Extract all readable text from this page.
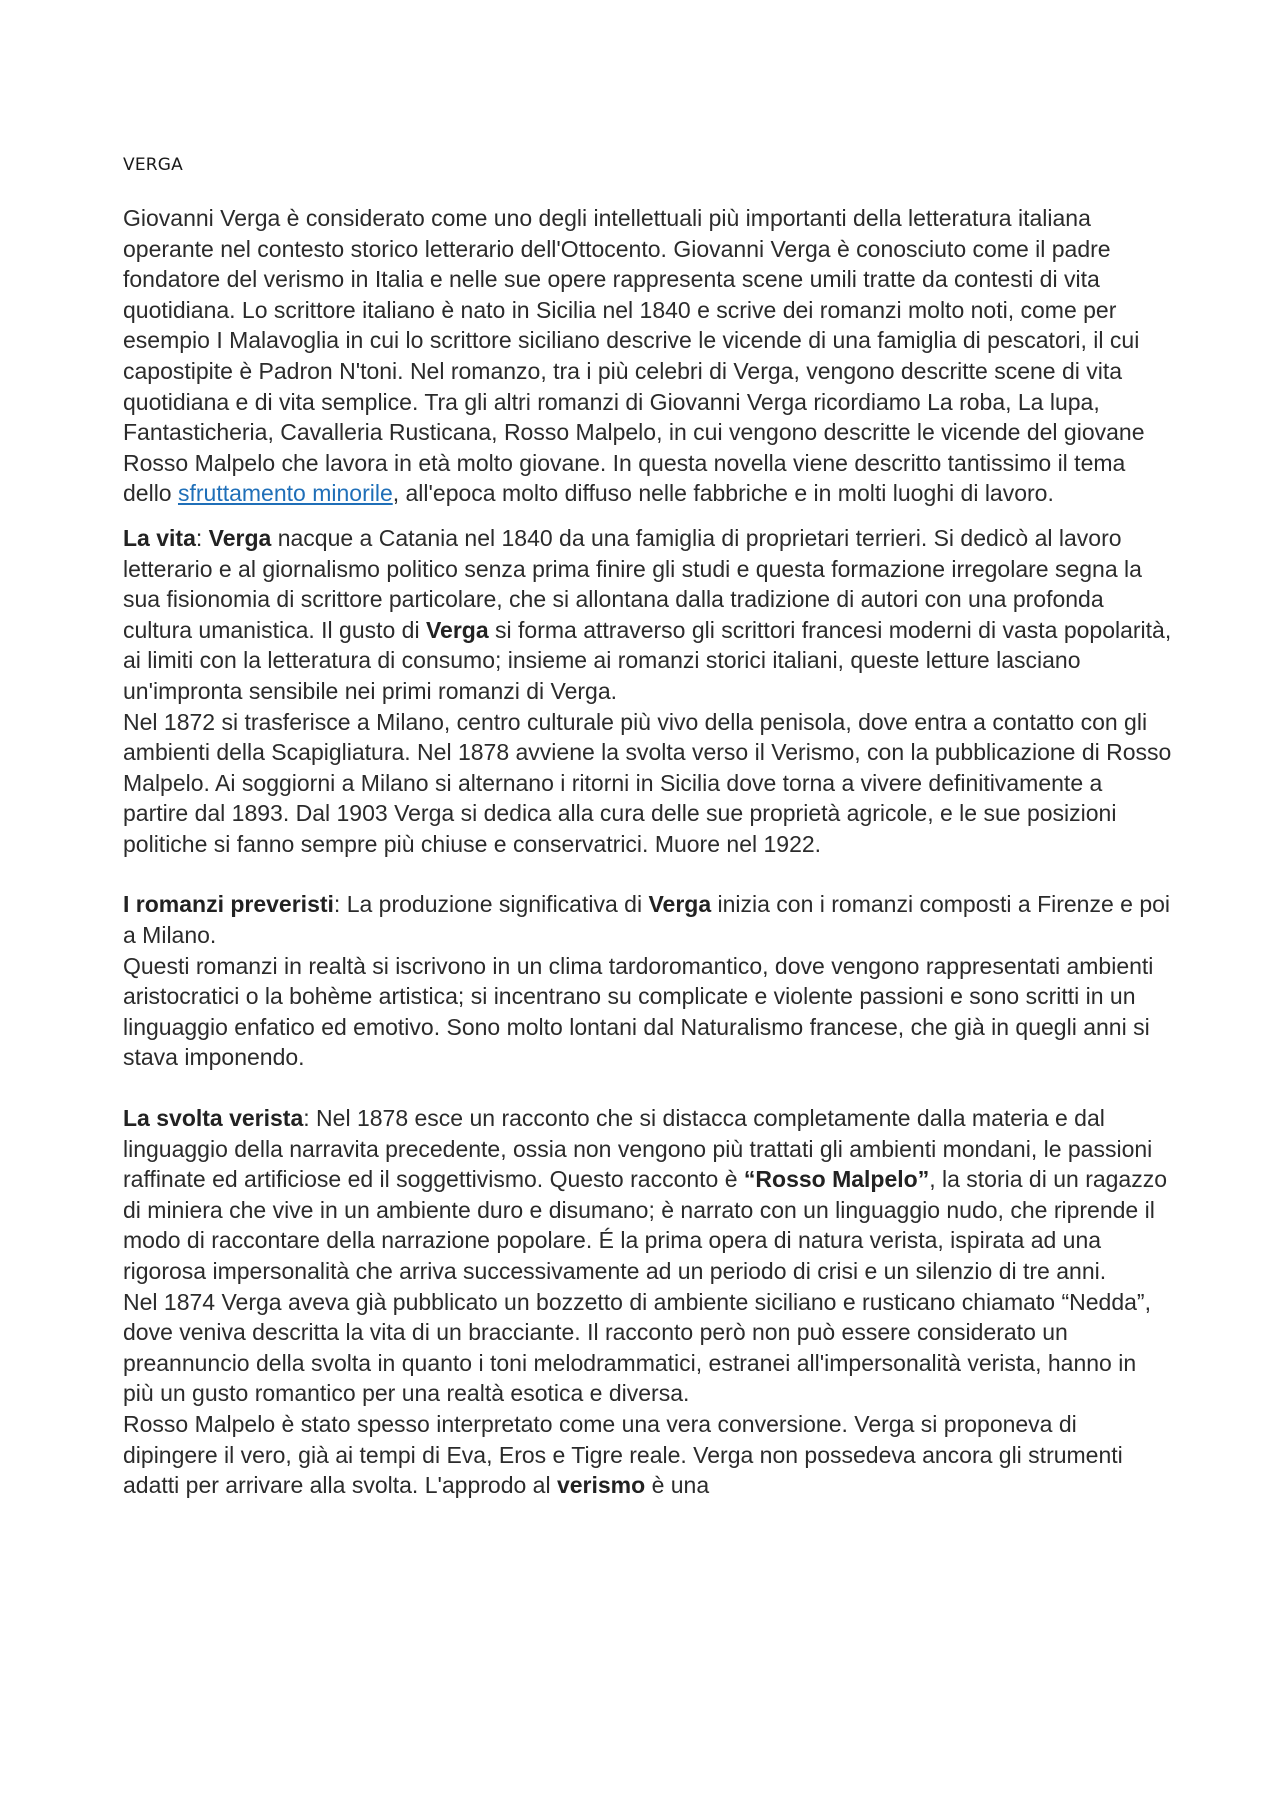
VERGA

Giovanni Verga è considerato come uno degli intellettuali più importanti della letteratura italiana operante nel contesto storico letterario dell'Ottocento. Giovanni Verga è conosciuto come il padre fondatore del verismo in Italia e nelle sue opere rappresenta scene umili tratte da contesti di vita quotidiana. Lo scrittore italiano è nato in Sicilia nel 1840 e scrive dei romanzi molto noti, come per esempio I Malavoglia in cui lo scrittore siciliano descrive le vicende di una famiglia di pescatori, il cui capostipite è Padron N'toni. Nel romanzo, tra i più celebri di Verga, vengono descritte scene di vita quotidiana e di vita semplice. Tra gli altri romanzi di Giovanni Verga ricordiamo La roba, La lupa, Fantasticheria, Cavalleria Rusticana, Rosso Malpelo, in cui vengono descritte le vicende del giovane Rosso Malpelo che lavora in età molto giovane. In questa novella viene descritto tantissimo il tema dello sfruttamento minorile, all'epoca molto diffuso nelle fabbriche e in molti luoghi di lavoro.

La vita: Verga nacque a Catania nel 1840 da una famiglia di proprietari terrieri. Si dedicò al lavoro letterario e al giornalismo politico senza prima finire gli studi e questa formazione irregolare segna la sua fisionomia di scrittore particolare, che si allontana dalla tradizione di autori con una profonda cultura umanistica. Il gusto di Verga si forma attraverso gli scrittori francesi moderni di vasta popolarità, ai limiti con la letteratura di consumo; insieme ai romanzi storici italiani, queste letture lasciano un'impronta sensibile nei primi romanzi di Verga.

Nel 1872 si trasferisce a Milano, centro culturale più vivo della penisola, dove entra a contatto con gli ambienti della Scapigliatura. Nel 1878 avviene la svolta verso il Verismo, con la pubblicazione di Rosso Malpelo. Ai soggiorni a Milano si alternano i ritorni in Sicilia dove torna a vivere definitivamente a partire dal 1893. Dal 1903 Verga si dedica alla cura delle sue proprietà agricole, e le sue posizioni politiche si fanno sempre più chiuse e conservatrici. Muore nel 1922.

I romanzi preveristi: La produzione significativa di Verga inizia con i romanzi composti a Firenze e poi a Milano.

Questi romanzi in realtà si iscrivono in un clima tardoromantico, dove vengono rappresentati ambienti aristocratici o la bohème artistica; si incentrano su complicate e violente passioni e sono scritti in un linguaggio enfatico ed emotivo. Sono molto lontani dal Naturalismo francese, che già in quegli anni si stava imponendo.

La svolta verista: Nel 1878 esce un racconto che si distacca completamente dalla materia e dal linguaggio della narravita precedente, ossia non vengono più trattati gli ambienti mondani, le passioni raffinate ed artificiose ed il soggettivismo. Questo racconto è “Rosso Malpelo”, la storia di un ragazzo di miniera che vive in un ambiente duro e disumano; è narrato con un linguaggio nudo, che riprende il modo di raccontare della narrazione popolare. É la prima opera di natura verista, ispirata ad una rigorosa impersonalità che arriva successivamente ad un periodo di crisi e un silenzio di tre anni.

Nel 1874 Verga aveva già pubblicato un bozzetto di ambiente siciliano e rusticano chiamato “Nedda”, dove veniva descritta la vita di un bracciante. Il racconto però non può essere considerato un preannuncio della svolta in quanto i toni melodrammatici, estranei all'impersonalità verista, hanno in più un gusto romantico per una realtà esotica e diversa.

Rosso Malpelo è stato spesso interpretato come una vera conversione. Verga si proponeva di dipingere il vero, già ai tempi di Eva, Eros e Tigre reale. Verga non possedeva ancora gli strumenti adatti per arrivare alla svolta. L'approdo al verismo è una
